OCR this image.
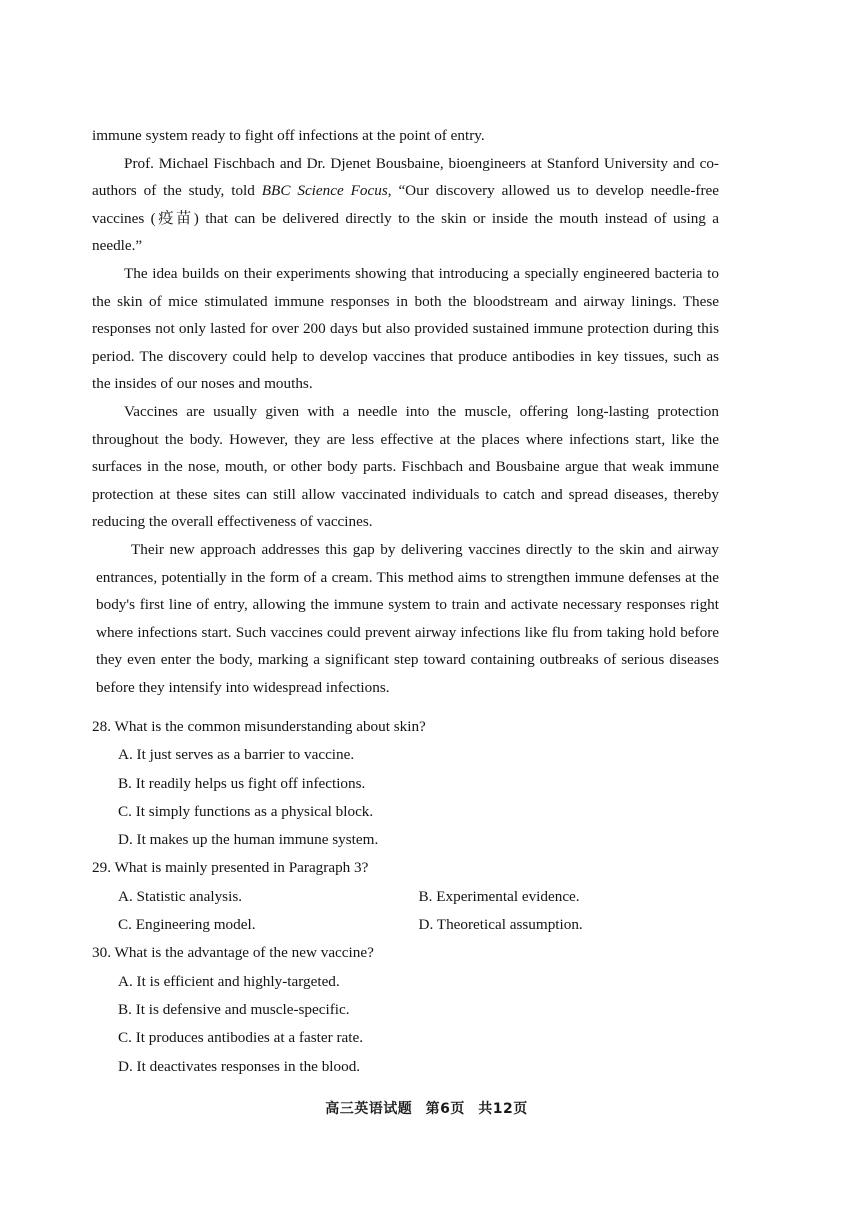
immune system ready to fight off infections at the point of entry.

Prof. Michael Fischbach and Dr. Djenet Bousbaine, bioengineers at Stanford University and co-authors of the study, told BBC Science Focus, “Our discovery allowed us to develop needle-free vaccines (疫苗) that can be delivered directly to the skin or inside the mouth instead of using a needle.”

The idea builds on their experiments showing that introducing a specially engineered bacteria to the skin of mice stimulated immune responses in both the bloodstream and airway linings. These responses not only lasted for over 200 days but also provided sustained immune protection during this period. The discovery could help to develop vaccines that produce antibodies in key tissues, such as the insides of our noses and mouths.

Vaccines are usually given with a needle into the muscle, offering long-lasting protection throughout the body. However, they are less effective at the places where infections start, like the surfaces in the nose, mouth, or other body parts. Fischbach and Bousbaine argue that weak immune protection at these sites can still allow vaccinated individuals to catch and spread diseases, thereby reducing the overall effectiveness of vaccines.

Their new approach addresses this gap by delivering vaccines directly to the skin and airway entrances, potentially in the form of a cream. This method aims to strengthen immune defenses at the body's first line of entry, allowing the immune system to train and activate necessary responses right where infections start. Such vaccines could prevent airway infections like flu from taking hold before they even enter the body, marking a significant step toward containing outbreaks of serious diseases before they intensify into widespread infections.

28. What is the common misunderstanding about skin?
A. It just serves as a barrier to vaccine.
B. It readily helps us fight off infections.
C. It simply functions as a physical block.
D. It makes up the human immune system.
29. What is mainly presented in Paragraph 3?
A. Statistic analysis.	B. Experimental evidence.
C. Engineering model.	D. Theoretical assumption.
30. What is the advantage of the new vaccine?
A. It is efficient and highly-targeted.
B. It is defensive and muscle-specific.
C. It produces antibodies at a faster rate.
D. It deactivates responses in the blood.
高三英语试题 第6页 共12页
